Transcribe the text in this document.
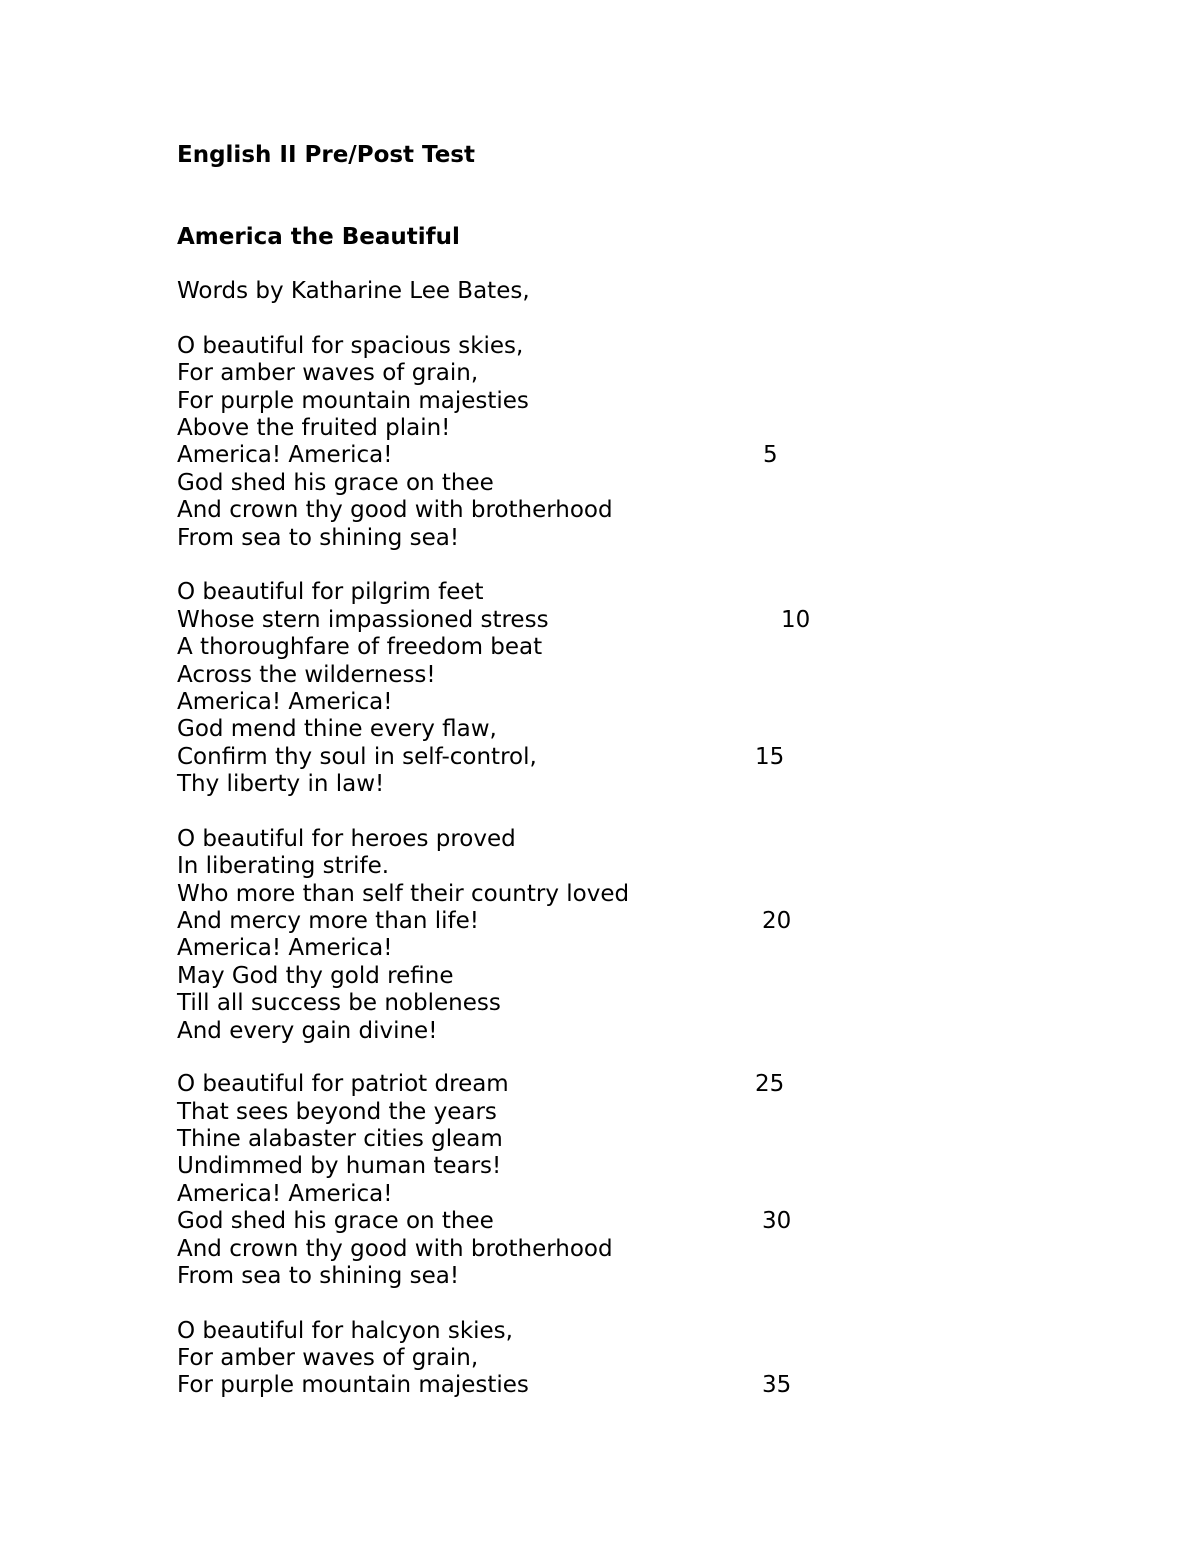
English II Pre/Post Test
America the Beautiful
Words by Katharine Lee Bates,
O beautiful for spacious skies,
For amber waves of grain,
For purple mountain majesties
Above the fruited plain!
America! America!
God shed his grace on thee
And crown thy good with brotherhood
From sea to shining sea!
O beautiful for pilgrim feet
Whose stern impassioned stress
A thoroughfare of freedom beat
Across the wilderness!
America! America!
God mend thine every flaw,
Confirm thy soul in self-control,
Thy liberty in law!
O beautiful for heroes proved
In liberating strife.
Who more than self their country loved
And mercy more than life!
America! America!
May God thy gold refine
Till all success be nobleness
And every gain divine!
O beautiful for patriot dream
That sees beyond the years
Thine alabaster cities gleam
Undimmed by human tears!
America! America!
God shed his grace on thee
And crown thy good with brotherhood
From sea to shining sea!
O beautiful for halcyon skies,
For amber waves of grain,
For purple mountain majesties
5
10
15
20
25
30
35
